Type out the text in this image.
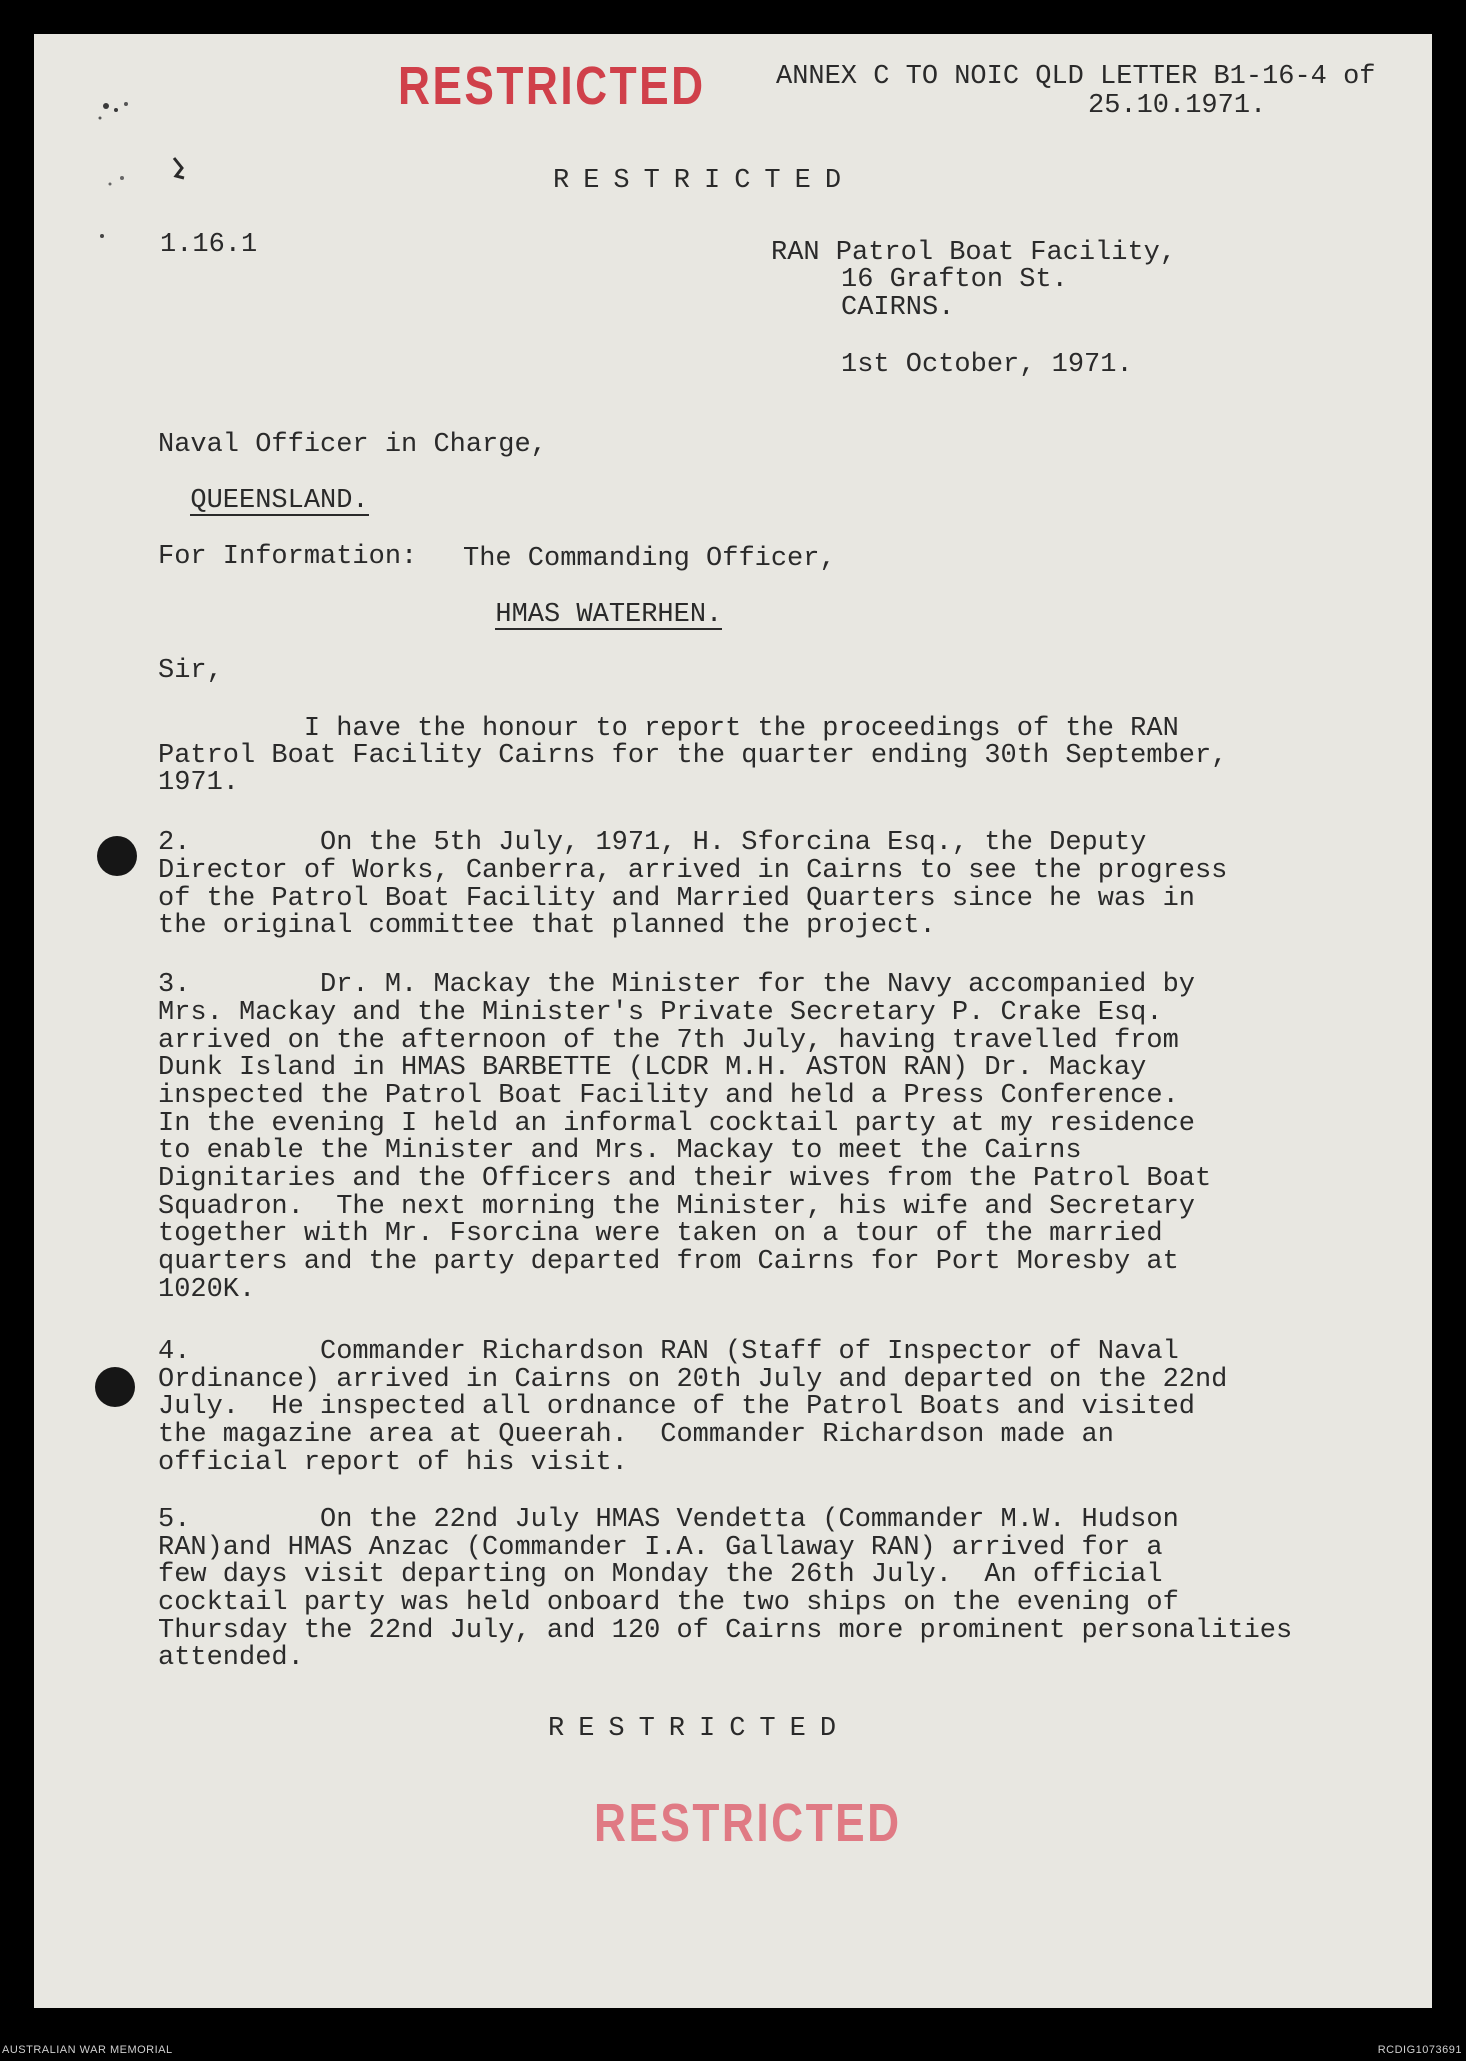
RESTRICTED	ANNEX C TO NOIC QLD LETTER B1-16-4 of
25.10.1971.
RESTRICTED
1.16.1	RAN Patrol Boat Facility,
16 Grafton St.
CAIRNS.
1st October, 1971.
Naval Officer in Charge,

QUEENSLAND.

For Information: The Commanding Officer,

HMAS WATERHEN.

Sir,
I have the honour to report the proceedings of the RAN
Patrol Boat Facility Cairns for the quarter ending 30th September,
1971.
2.        On the 5th July, 1971, H. Sforcina Esq., the Deputy
Director of Works, Canberra, arrived in Cairns to see the progress
of the Patrol Boat Facility and Married Quarters since he was in
the original committee that planned the project.
3.        Dr. M. Mackay the Minister for the Navy accompanied by
Mrs. Mackay and the Minister's Private Secretary P. Crake Esq.
arrived on the afternoon of the 7th July, having travelled from
Dunk Island in HMAS BARBETTE (LCDR M.H. ASTON RAN) Dr. Mackay
inspected the Patrol Boat Facility and held a Press Conference.
In the evening I held an informal cocktail party at my residence
to enable the Minister and Mrs. Mackay to meet the Cairns
Dignitaries and the Officers and their wives from the Patrol Boat
Squadron.  The next morning the Minister, his wife and Secretary
together with Mr. Fsorcina were taken on a tour of the married
quarters and the party departed from Cairns for Port Moresby at
1020K.
4.        Commander Richardson RAN (Staff of Inspector of Naval
Ordinance) arrived in Cairns on 20th July and departed on the 22nd
July.  He inspected all ordnance of the Patrol Boats and visited
the magazine area at Queerah.  Commander Richardson made an
official report of his visit.
5.        On the 22nd July HMAS Vendetta (Commander M.W. Hudson
RAN)and HMAS Anzac (Commander I.A. Gallaway RAN) arrived for a
few days visit departing on Monday the 26th July.  An official
cocktail party was held onboard the two ships on the evening of
Thursday the 22nd July, and 120 of Cairns more prominent personalities
attended.
RESTRICTED
RESTRICTED
AUSTRALIAN WAR MEMORIAL	RCDIG1073691
